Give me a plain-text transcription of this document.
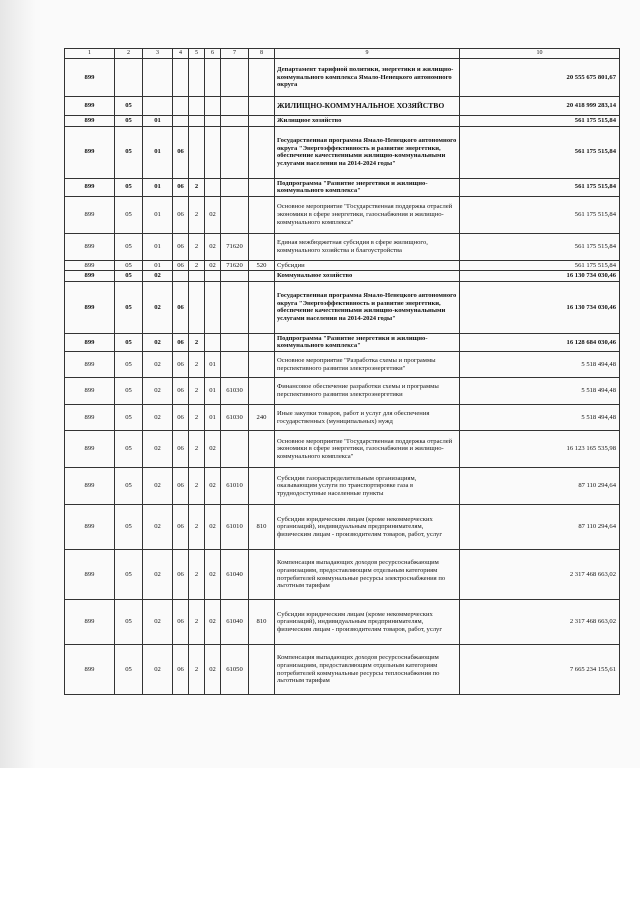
1	2	3	4	5	6	7	8	9	10
899								Департамент тарифной политики, энергетики и жилищно-коммунального комплекса Ямало-Ненецкого автономного округа	20 555 675 801,67
899	05							ЖИЛИЩНО-КОММУНАЛЬНОЕ ХОЗЯЙСТВО	20 418 999 283,14
899	05	01						Жилищное хозяйство	561 175 515,84
899	05	01	06					Государственная программа Ямало-Ненецкого автономного округа "Энергоэффективность и развитие энергетики, обеспечение качественными жилищно-коммунальными услугами населения на 2014-2024 годы"	561 175 515,84
899	05	01	06	2				Подпрограмма "Развитие энергетики и жилищно-коммунального комплекса"	561 175 515,84
899	05	01	06	2	02			Основное мероприятие "Государственная поддержка отраслей экономики в сфере энергетики, газоснабжения и жилищно-коммунального комплекса"	561 175 515,84
899	05	01	06	2	02	71620		Единая межбюджетная субсидия в сфере жилищного, коммунального хозяйства и благоустройства	561 175 515,84
899	05	01	06	2	02	71620	520	Субсидии	561 175 515,84
899	05	02						Коммунальное хозяйство	16 130 734 030,46
899	05	02	06					Государственная программа Ямало-Ненецкого автономного округа "Энергоэффективность и развитие энергетики, обеспечение качественными жилищно-коммунальными услугами населения на 2014-2024 годы"	16 130 734 030,46
899	05	02	06	2				Подпрограмма "Развитие энергетики и жилищно-коммунального комплекса"	16 128 684 030,46
899	05	02	06	2	01			Основное мероприятие "Разработка схемы и программы перспективного развития электроэнергетики"	5 518 494,48
899	05	02	06	2	01	61030		Финансовое обеспечение разработки схемы и программы перспективного развития электроэнергетики	5 518 494,48
899	05	02	06	2	01	61030	240	Иные закупки товаров, работ и услуг для обеспечения государственных (муниципальных) нужд	5 518 494,48
899	05	02	06	2	02			Основное мероприятие "Государственная поддержка отраслей экономики в сфере энергетики, газоснабжения и жилищно-коммунального комплекса"	16 123 165 535,98
899	05	02	06	2	02	61010		Субсидии газораспределительным организациям, оказывающим услуги по транспортировке газа в труднодоступные населенные пункты	87 110 294,64
899	05	02	06	2	02	61010	810	Субсидии юридическим лицам (кроме некоммерческих организаций), индивидуальным предпринимателям, физическим лицам - производителям товаров, работ, услуг	87 110 294,64
899	05	02	06	2	02	61040		Компенсация выпадающих доходов ресурсоснабжающим организациям, предоставляющим отдельным категориям потребителей коммунальные ресурсы электроснабжения по льготным тарифам	2 317 468 663,02
899	05	02	06	2	02	61040	810	Субсидии юридическим лицам (кроме некоммерческих организаций), индивидуальным предпринимателям, физическим лицам - производителям товаров, работ, услуг	2 317 468 663,02
899	05	02	06	2	02	61050		Компенсация выпадающих доходов ресурсоснабжающим организациям, предоставляющим отдельным категориям потребителей коммунальные ресурсы теплоснабжения по льготным тарифам	7 665 234 155,61
